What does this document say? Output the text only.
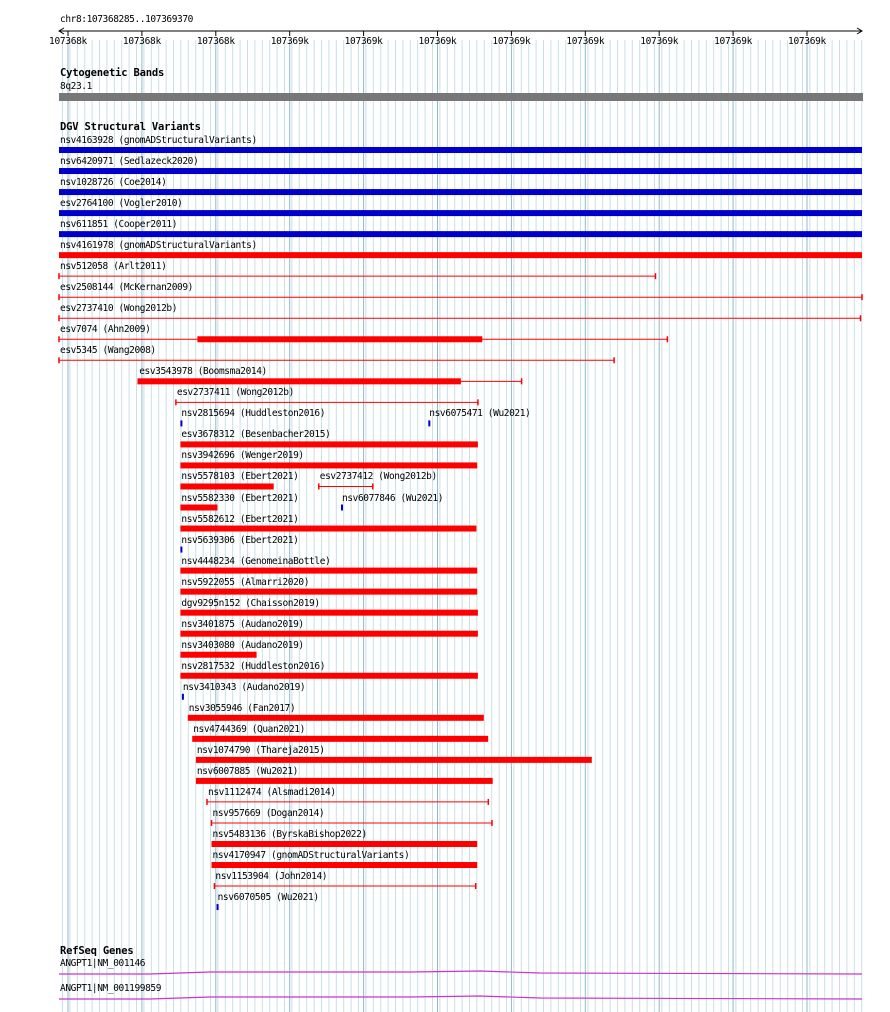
chr8:107368285..107369370
107368k	107368k	107368k	107369k	107369k	107369k	107369k	107369k	107369k	107369k	107369k
Cytogenetic Bands
8q23.1
DGV Structural Variants
nsv4163928 (gnomADStructuralVariants)
nsv6420971 (Sedlazeck2020)
nsv1028726 (Coe2014)
esv2764100 (Vogler2010)
nsv611851 (Cooper2011)
nsv4161978 (gnomADStructuralVariants)
nsv512058 (Arlt2011)
esv2508144 (McKernan2009)
esv2737410 (Wong2012b)
esv7074 (Ahn2009)
esv5345 (Wang2008)
esv3543978 (Boomsma2014)
esv2737411 (Wong2012b)
nsv2815694 (Huddleston2016)	nsv6075471 (Wu2021)
esv3678312 (Besenbacher2015)
nsv3942696 (Wenger2019)
nsv5578103 (Ebert2021) esv2737412 (Wong2012b)
nsv5582330 (Ebert2021)	nsv6077846 (Wu2021)
nsv5582612 (Ebert2021)
nsv5639306 (Ebert2021)
nsv4448234 (GenomeinaBottle)
nsv5922055 (Almarri2020)
dgv9295n152 (Chaisson2019)
nsv3401875 (Audano2019)
nsv3403080 (Audano2019)
nsv2817532 (Huddleston2016)
nsv3410343 (Audano2019)
nsv3055946 (Fan2017)
nsv4744369 (Quan2021)
nsv1074790 (Thareja2015)
nsv6007885 (Wu2021)
nsv1112474 (Alsmadi2014)
nsv957669 (Dogan2014)
nsv5483136 (ByrskaBishop2022)
nsv4170947 (gnomADStructuralVariants)
nsv1153904 (John2014)
nsv6070505 (Wu2021)
RefSeq Genes
ANGPT1|NM_001146
ANGPT1|NM_001199859
